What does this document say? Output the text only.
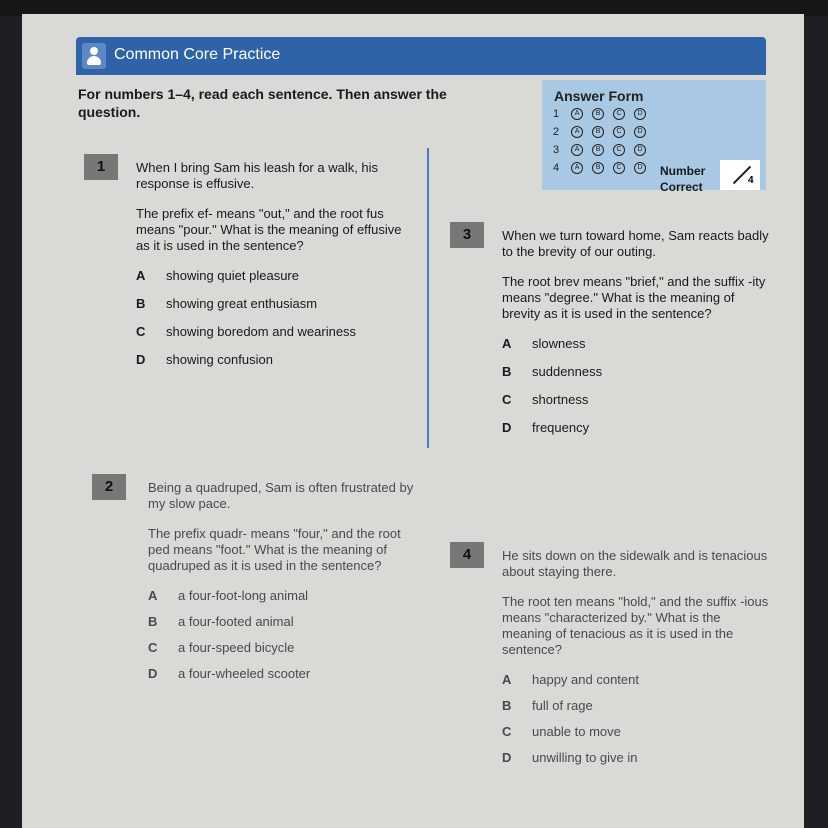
Common Core Practice
For numbers 1–4, read each sentence. Then answer the question.
Answer Form
1 A B C D
2 A B C D
3 A B C D
4 A B C D Number
Correct	4
1	When I bring Sam his leash for a walk, his response is effusive.

The prefix ef- means "out," and the root fus means "pour." What is the meaning of effusive as it is used in the sentence?

A showing quiet pleasure
B showing great enthusiasm
C showing boredom and weariness
D showing confusion
3	When we turn toward home, Sam reacts badly to the brevity of our outing.

The root brev means "brief," and the suffix -ity means "degree." What is the meaning of brevity as it is used in the sentence?

A slowness
B suddenness
C shortness
D frequency
2	Being a quadruped, Sam is often frustrated by my slow pace.

The prefix quadr- means "four," and the root ped means "foot." What is the meaning of quadruped as it is used in the sentence?

A a four-foot-long animal
B a four-footed animal
C a four-speed bicycle
D a four-wheeled scooter
4	He sits down on the sidewalk and is tenacious about staying there.

The root ten means "hold," and the suffix -ious means "characterized by." What is the meaning of tenacious as it is used in the sentence?

A happy and content
B full of rage
C unable to move
D unwilling to give in
